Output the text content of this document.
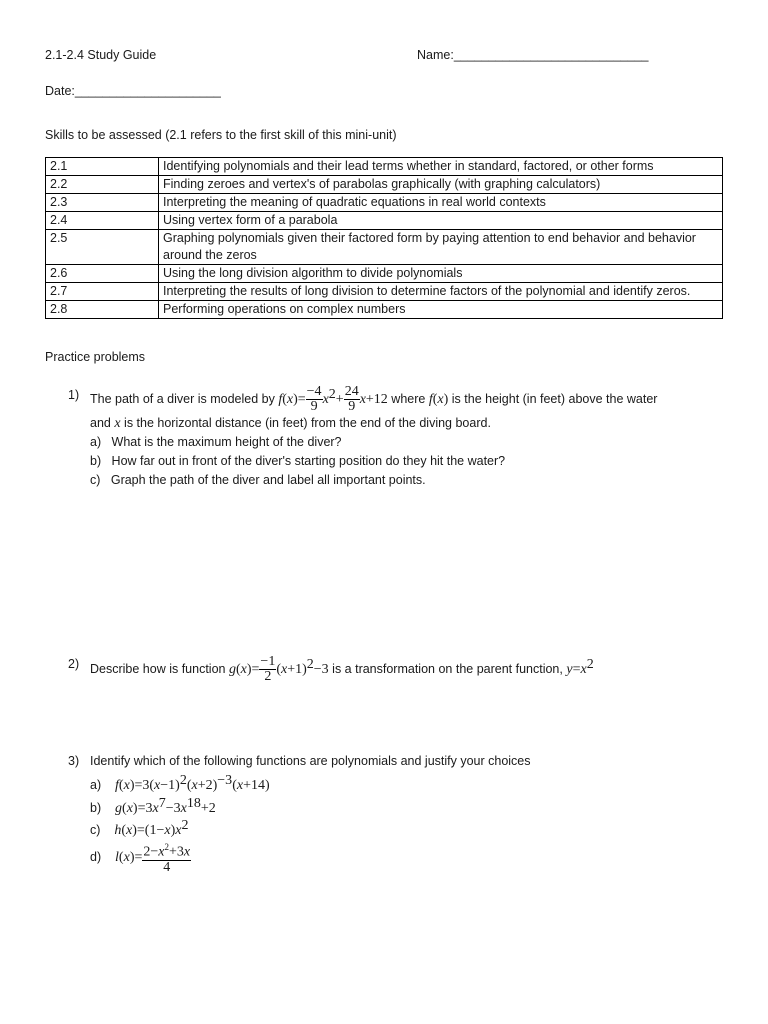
2.1-2.4 Study Guide	Name:____________________________
Date:_____________________
Skills to be assessed (2.1 refers to the first skill of this mini-unit)
2.1	Identifying polynomials and their lead terms whether in standard, factored, or other forms
2.2	Finding zeroes and vertex's of parabolas graphically (with graphing calculators)
2.3	Interpreting the meaning of quadratic equations in real world contexts
2.4	Using vertex form of a parabola
2.5	Graphing polynomials given their factored form by paying attention to end behavior and behavior around the zeros
2.6	Using the long division algorithm to divide polynomials
2.7	Interpreting the results of long division to determine factors of the polynomial and identify zeros.
2.8	Performing operations on complex numbers
Practice problems
1) The path of a diver is modeled by $f(x)= \frac{-4}{9} x^2+ \frac{24}{9} x+12$ where f(x) is the height (in feet) above the water
and x is the horizontal distance (in feet) from the end of the diving board.
a) What is the maximum height of the diver?
b) How far out in front of the diver's starting position do they hit the water?
c) Graph the path of the diver and label all important points.
2) Describe how is function $g(x)= \frac{-1}{2} (x+1)^2-3$ is a transformation on the parent function, $y=x^2$
3) Identify which of the following functions are polynomials and justify your choices
a) $f(x)=3(x-1)^2(x+2)^{-3}(x+14)$
b) $g(x)=3x^7-3x^{18}+2$
c) $h(x)=(1-x)x^2$
d) $l(x)= \frac{2-x^2+3x}{4}$
